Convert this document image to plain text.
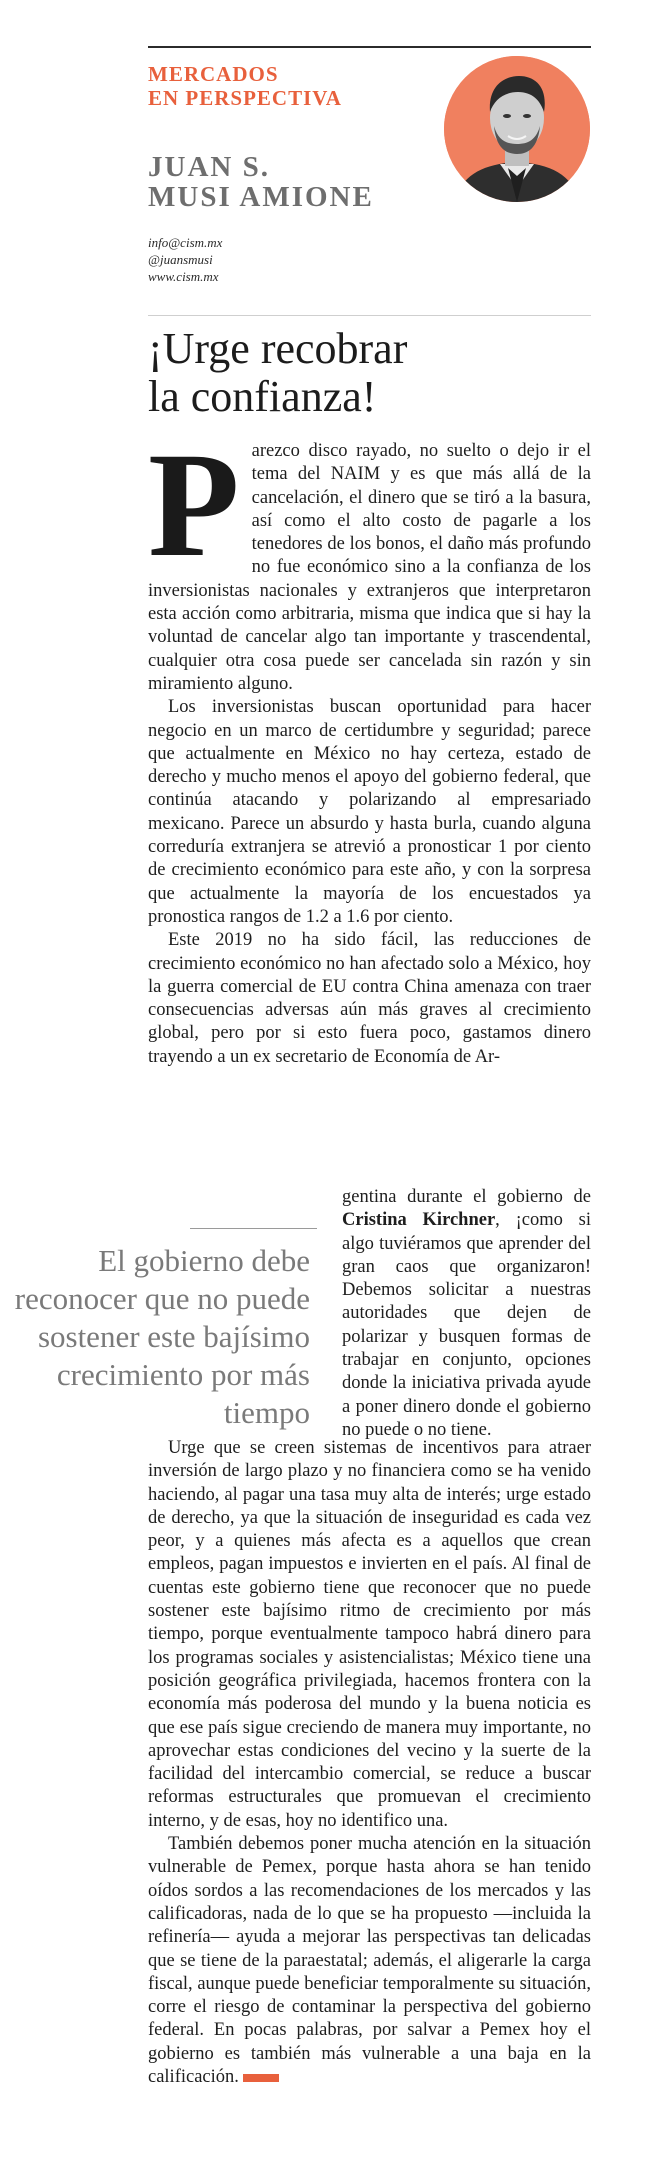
MERCADOS
EN PERSPECTIVA
JUAN S.
MUSI AMIONE
info@cism.mx
@juansmusi
www.cism.mx
¡Urge recobrar
la confianza!

Parezco disco rayado, no suelto o dejo ir el tema del NAIM y es que más allá de la cancelación, el dinero que se tiró a la basura, así como el alto costo de pagarle a los tenedores de los bonos, el daño más profundo no fue económico sino a la confianza de los inversionistas nacionales y extranjeros que interpretaron esta acción como arbitraria, misma que indica que si hay la voluntad de cancelar algo tan importante y trascendental, cualquier otra cosa puede ser cancelada sin razón y sin miramiento alguno.

Los inversionistas buscan oportunidad para hacer negocio en un marco de certidumbre y seguridad; parece que actualmente en México no hay certeza, estado de derecho y mucho menos el apoyo del gobierno federal, que continúa atacando y polarizando al empresariado mexicano. Parece un absurdo y hasta burla, cuando alguna correduría extranjera se atrevió a pronosticar 1 por ciento de crecimiento económico para este año, y con la sorpresa que actualmente la mayoría de los encuestados ya pronostica rangos de 1.2 a 1.6 por ciento.

Este 2019 no ha sido fácil, las reducciones de crecimiento económico no han afectado solo a México, hoy la guerra comercial de EU contra China amenaza con traer consecuencias adversas aún más graves al crecimiento global, pero por si esto fuera poco, gastamos dinero trayendo a un ex secretario de Economía de Ar-

El gobierno debe reconocer que no puede sostener este bajísimo crecimiento por más tiempo

gentina durante el gobierno de Cristina Kirchner, ¡como si algo tuviéramos que aprender del gran caos que organizaron! Debemos solicitar a nuestras autoridades que dejen de polarizar y busquen formas de trabajar en conjunto, opciones donde la iniciativa privada ayude a poner dinero donde el gobierno no puede o no tiene.

Urge que se creen sistemas de incentivos para atraer inversión de largo plazo y no financiera como se ha venido haciendo, al pagar una tasa muy alta de interés; urge estado de derecho, ya que la situación de inseguridad es cada vez peor, y a quienes más afecta es a aquellos que crean empleos, pagan impuestos e invierten en el país. Al final de cuentas este gobierno tiene que reconocer que no puede sostener este bajísimo ritmo de crecimiento por más tiempo, porque eventualmente tampoco habrá dinero para los programas sociales y asistencialistas; México tiene una posición geográfica privilegiada, hacemos frontera con la economía más poderosa del mundo y la buena noticia es que ese país sigue creciendo de manera muy importante, no aprovechar estas condiciones del vecino y la suerte de la facilidad del intercambio comercial, se reduce a buscar reformas estructurales que promuevan el crecimiento interno, y de esas, hoy no identifico una.

También debemos poner mucha atención en la situación vulnerable de Pemex, porque hasta ahora se han tenido oídos sordos a las recomendaciones de los mercados y las calificadoras, nada de lo que se ha propuesto —incluida la refinería— ayuda a mejorar las perspectivas tan delicadas que se tiene de la paraestatal; además, el aligerarle la carga fiscal, aunque puede beneficiar temporalmente su situación, corre el riesgo de contaminar la perspectiva del gobierno federal. En pocas palabras, por salvar a Pemex hoy el gobierno es también más vulnerable a una baja en la calificación.
